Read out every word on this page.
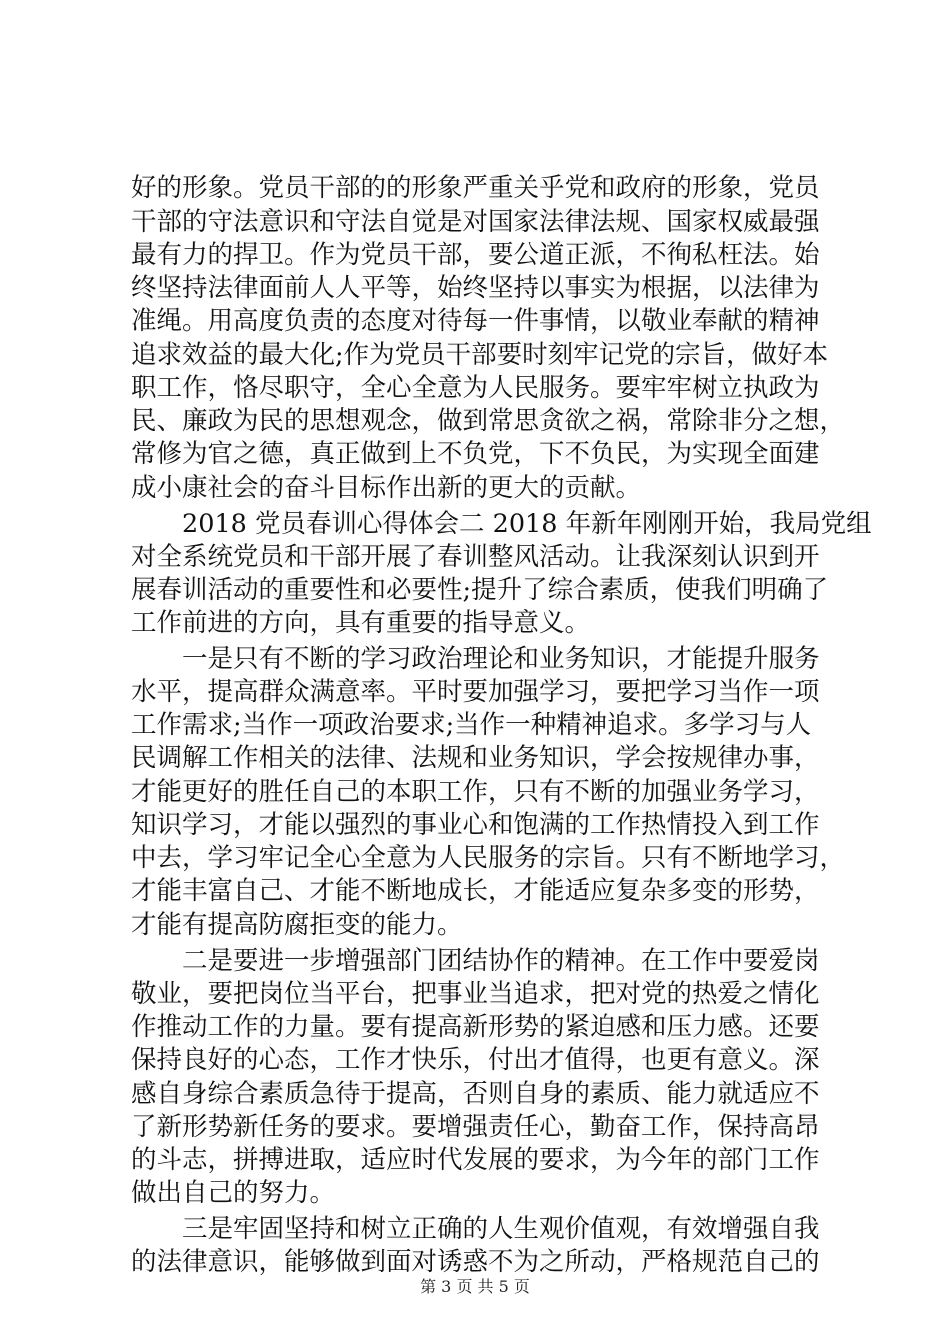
好的形象。党员干部的的形象严重关乎党和政府的形象，党员
干部的守法意识和守法自觉是对国家法律法规、国家权威最强
最有力的捍卫。作为党员干部，要公道正派，不徇私枉法。始
终坚持法律面前人人平等，始终坚持以事实为根据，以法律为
准绳。用高度负责的态度对待每一件事情，以敬业奉献的精神
追求效益的最大化;作为党员干部要时刻牢记党的宗旨，做好本
职工作，恪尽职守，全心全意为人民服务。要牢牢树立执政为
民、廉政为民的思想观念，做到常思贪欲之祸，常除非分之想，
常修为官之德，真正做到上不负党，下不负民，为实现全面建
成小康社会的奋斗目标作出新的更大的贡献。
　　2018 党员春训心得体会二 2018 年新年刚刚开始，我局党组
对全系统党员和干部开展了春训整风活动。让我深刻认识到开
展春训活动的重要性和必要性;提升了综合素质，使我们明确了
工作前进的方向，具有重要的指导意义。
　　一是只有不断的学习政治理论和业务知识，才能提升服务
水平，提高群众满意率。平时要加强学习，要把学习当作一项
工作需求;当作一项政治要求;当作一种精神追求。多学习与人
民调解工作相关的法律、法规和业务知识，学会按规律办事，
才能更好的胜任自己的本职工作，只有不断的加强业务学习，
知识学习，才能以强烈的事业心和饱满的工作热情投入到工作
中去，学习牢记全心全意为人民服务的宗旨。只有不断地学习，
才能丰富自己、才能不断地成长，才能适应复杂多变的形势，
才能有提高防腐拒变的能力。
　　二是要进一步增强部门团结协作的精神。在工作中要爱岗
敬业，要把岗位当平台，把事业当追求，把对党的热爱之情化
作推动工作的力量。要有提高新形势的紧迫感和压力感。还要
保持良好的心态，工作才快乐，付出才值得，也更有意义。深
感自身综合素质急待于提高，否则自身的素质、能力就适应不
了新形势新任务的要求。要增强责任心，勤奋工作，保持高昂
的斗志，拼搏进取，适应时代发展的要求，为今年的部门工作
做出自己的努力。
　　三是牢固坚持和树立正确的人生观价值观，有效增强自我
的法律意识，能够做到面对诱惑不为之所动，严格规范自己的
第 3 页 共 5 页
